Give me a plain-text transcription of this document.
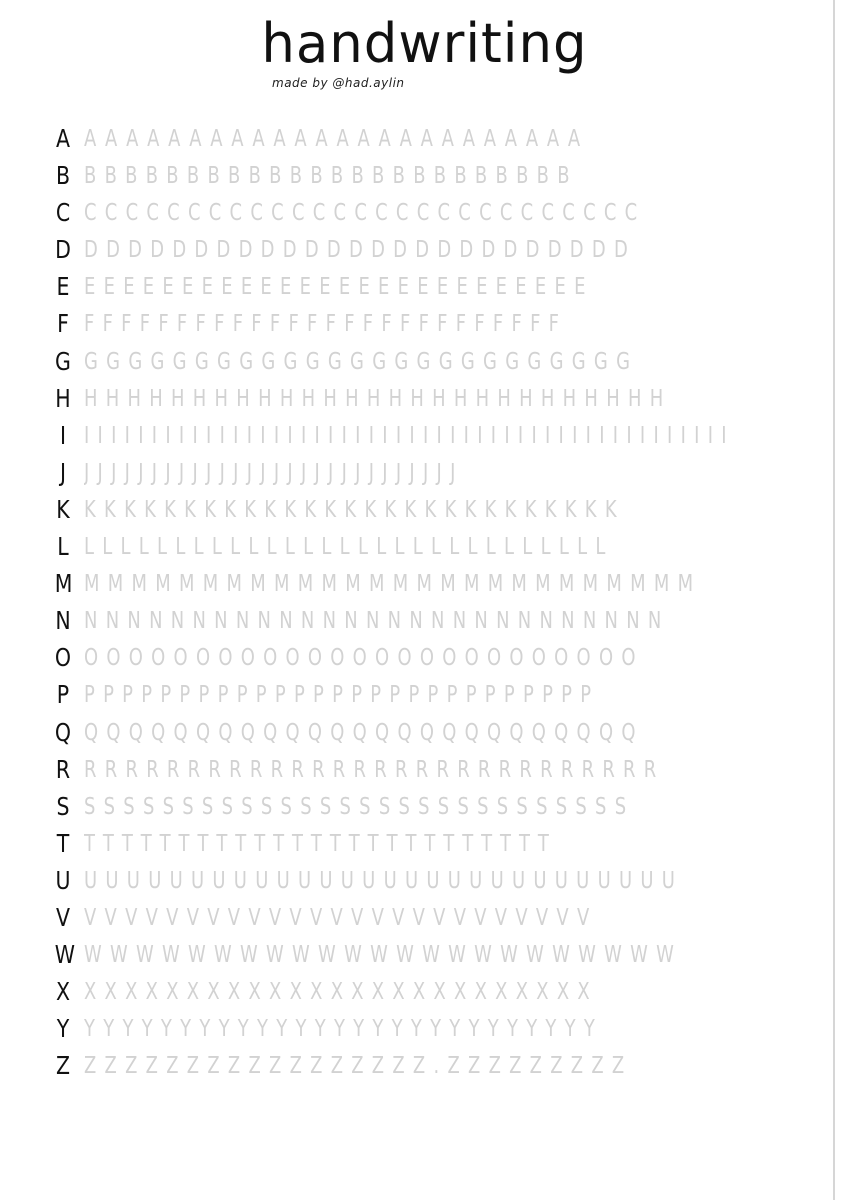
handwriting
made by @had.aylin
A AAAAAAAAAAAAAAAAAAAAAAAA
B BBBBBBBBBBBBBBBBBBBBBBBB
C CCCCCCCCCCCCCCCCCCCCCCCCCCC
D DDDDDDDDDDDDDDDDDDDDDDDDD
E EEEEEEEEEEEEEEEEEEEEEEEEEE
F FFFFFFFFFFFFFFFFFFFFFFFFFF
G GGGGGGGGGGGGGGGGGGGGGGGGG
H HHHHHHHHHHHHHHHHHHHHHHHHHHH
I IIIIIIIIIIIIIIIIIIIIIIIIIIIIIIIIIIIIIIIIIIIIIIII
J JJJJJJJJJJJJJJJJJJJJJJJJJJJJ
K KKKKKKKKKKKKKKKKKKKKKKKKKKK
L LLLLLLLLLLLLLLLLLLLLLLLLLLLLL
M MMMMMMMMMMMMMMMMMMMMMMMMMM
N NNNNNNNNNNNNNNNNNNNNNNNNNNN
O OOOOOOOOOOOOOOOOOOOOOOOOO
P PPPPPPPPPPPPPPPPPPPPPPPPPPP
Q QQQQQQQQQQQQQQQQQQQQQQQQQ
R RRRRRRRRRRRRRRRRRRRRRRRRRRRR
S SSSSSSSSSSSSSSSSSSSSSSSSSSSS
T TTTTTTTTTTTTTTTTTTTTTTTTT
U UUUUUUUUUUUUUUUUUUUUUUUUUUUU
V VVVVVVVVVVVVVVVVVVVVVVVVV
W WWWWWWWWWWWWWWWWWWWWWWW
X XXXXXXXXXXXXXXXXXXXXXXXXX
Y YYYYYYYYYYYYYYYYYYYYYYYYYYY
Z ZZZZZZZZZZZZZZZZZ.ZZZZZZZZZ
